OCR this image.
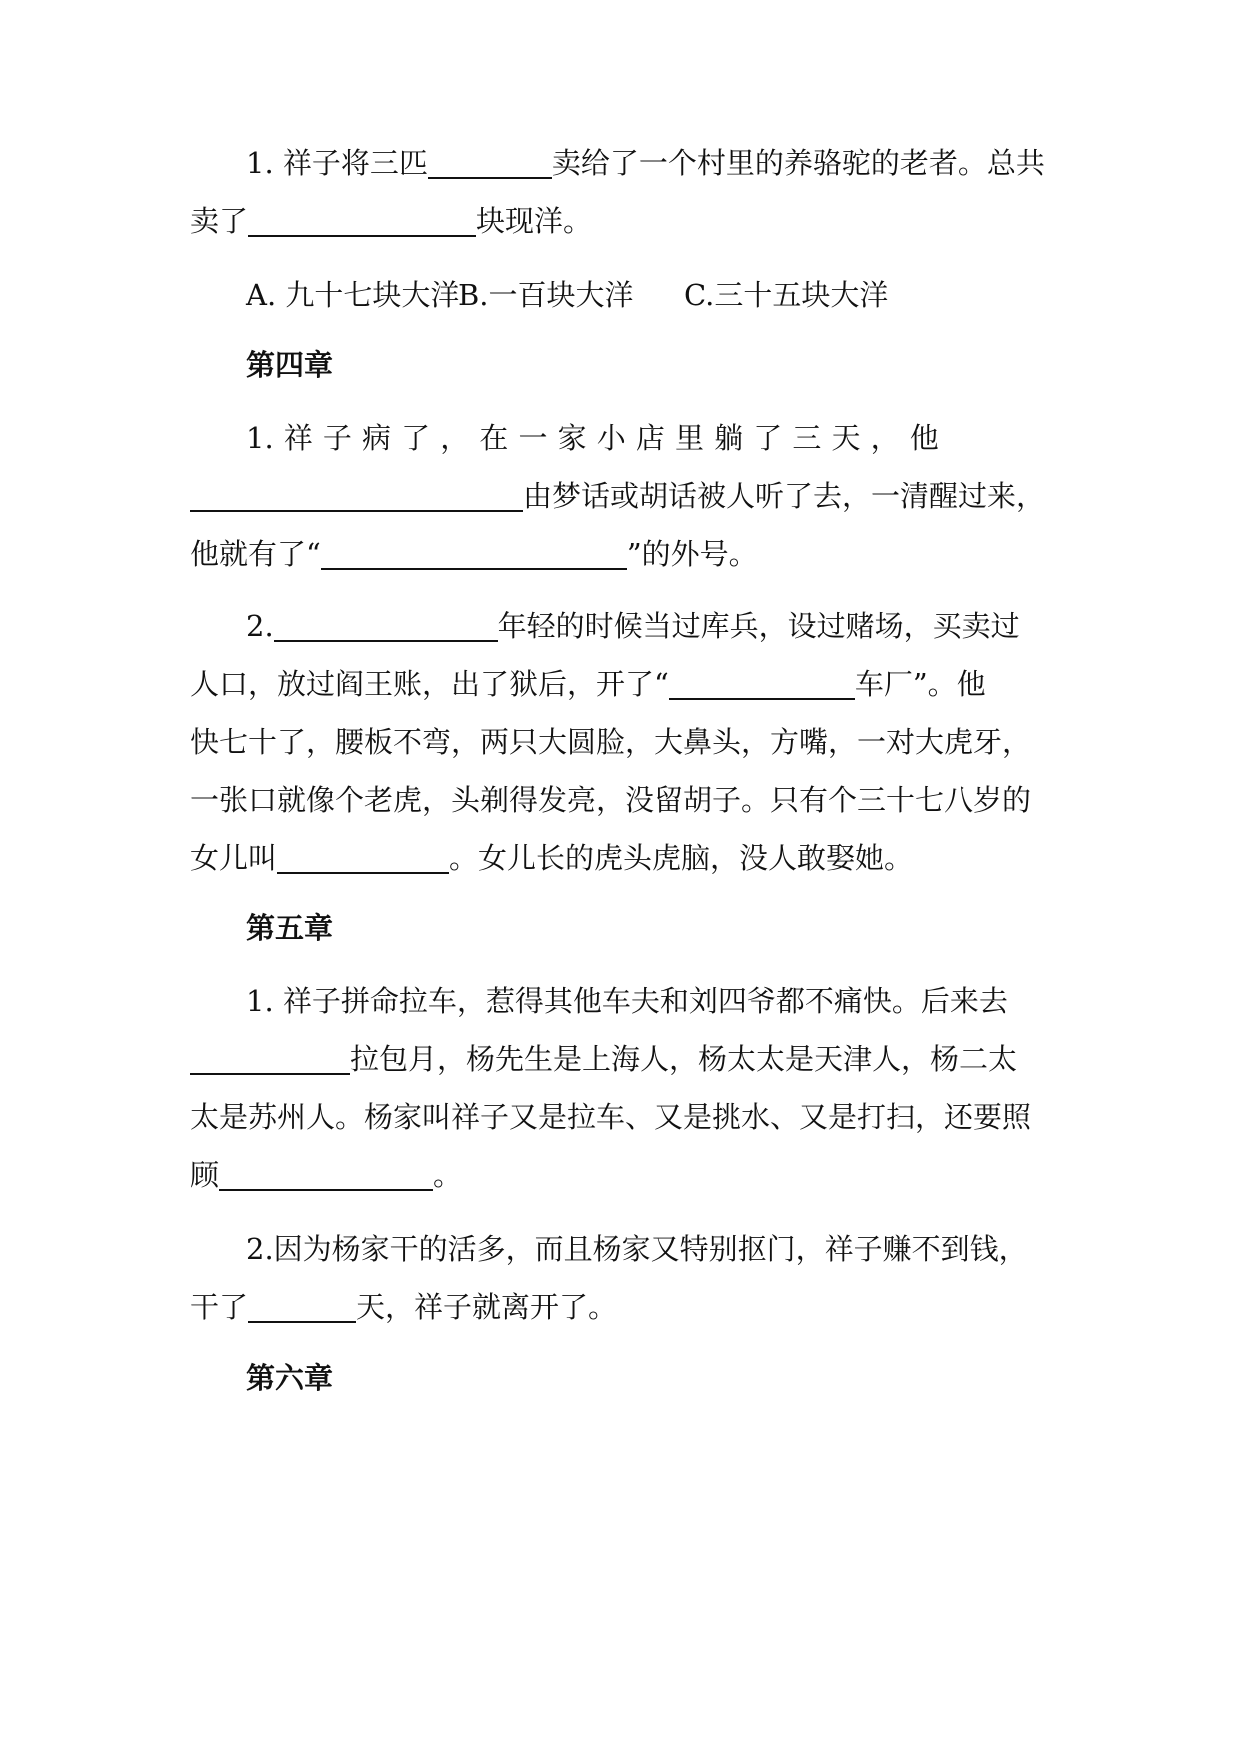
1. 祥子将三匹	卖给了一个村里的养骆驼的老者。总共
卖了	块现洋。
A. 九十七块大洋
B.一百块大洋 C.三十五块大洋
第四章
1. 祥 子 病 了 ， 在 一 家 小 店 里 躺 了 三 天 ， 他
由梦话或胡话被人听了去，一清醒过来，
他就有了“	”的外号。
2.	年轻的时候当过库兵，设过赌场，买卖过
人口，放过阎王账，出了狱后，开了“	车厂”。他
快七十了，腰板不弯，两只大圆脸，大鼻头，方嘴，一对大虎牙，
一张口就像个老虎，头剃得发亮，没留胡子。只有个三十七八岁的
女儿叫	。女儿长的虎头虎脑，没人敢娶她。
第五章
1. 祥子拼命拉车，惹得其他车夫和刘四爷都不痛快。后来去
拉包月，杨先生是上海人，杨太太是天津人，杨二太
太是苏州人。杨家叫祥子又是拉车、又是挑水、又是打扫，还要照
顾	。
2.因为杨家干的活多，而且杨家又特别抠门，祥子赚不到钱，
干了	天，祥子就离开了。
第六章
